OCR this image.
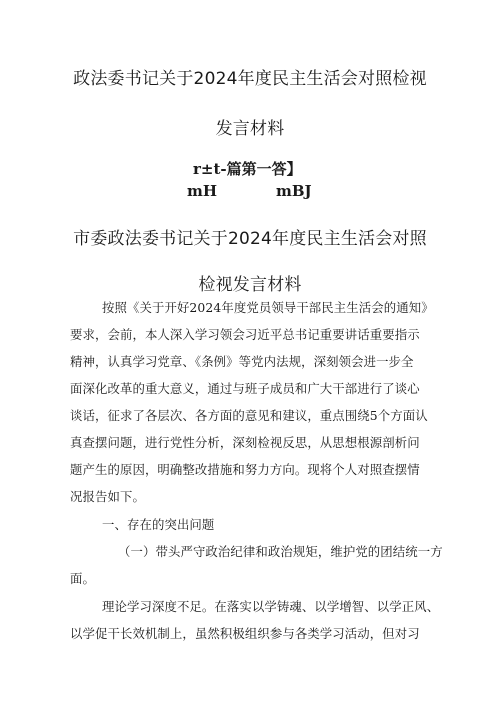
政法委书记关于2024年度民主生活会对照检视
发言材料
r±t-篇第一答】
mH	mBJ
市委政法委书记关于2024年度民主生活会对照
检视发言材料
按照《关于开好2024年度党员领导干部民主生活会的通知》
要求，会前，本人深入学习领会习近平总书记重要讲话重要指示
精神，认真学习党章、《条例》等党内法规，深刻领会进一步全
面深化改革的重大意义，通过与班子成员和广大干部进行了谈心
谈话，征求了各层次、各方面的意见和建议，重点围绕5个方面认
真查摆问题，进行党性分析，深刻检视反思，从思想根源剖析问
题产生的原因，明确整改措施和努力方向。现将个人对照查摆情
况报告如下。
一、存在的突出问题
（一）带头严守政治纪律和政治规矩，维护党的团结统一方
面。
理论学习深度不足。在落实以学铸魂、以学增智、以学正风、
以学促干长效机制上，虽然积极组织参与各类学习活动，但对习
